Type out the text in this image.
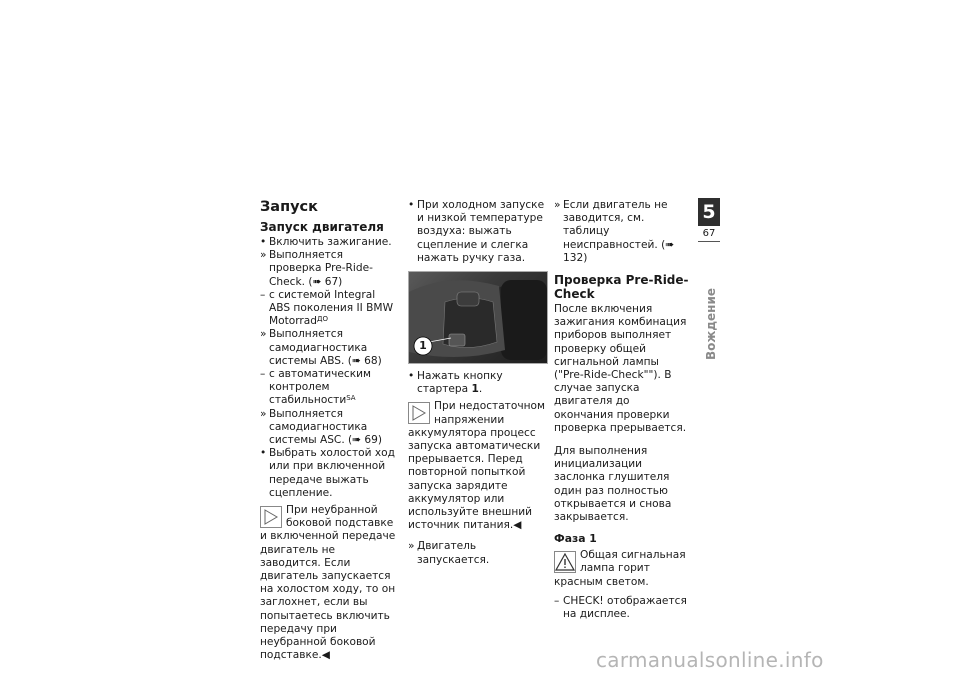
Запуск
Запуск двигателя

• Включить зажигание.

» Выполняется проверка Pre-Ride-Check. (➠ 67)

– с системой Integral ABS поколения II BMW Motorrad$^{ДО}$

» Выполняется самодиагностика системы ABS. (➠ 68)

– с автоматическим контролем стабильности$^{SA}$

» Выполняется самодиагностика системы ASC. (➠ 69)

• Выбрать холостой ход или при включенной передаче выжать сцепление.

При неубранной боковой подставке и включенной передаче двигатель не заводится. Если двигатель запускается на холостом ходу, то он заглохнет, если вы попытаетесь включить передачу при неубранной боковой подставке.◀

• При холодном запуске и низкой температуре воздуха: выжать сцепление и слегка нажать ручку газа.

1

• Нажать кнопку стартера 1.

При недостаточном напряжении аккумулятора процесс запуска автоматически прерывается. Перед повторной попыткой запуска зарядите аккумулятор или используйте внешний источник питания.◀

» Двигатель запускается.

» Если двигатель не заводится, см. таблицу неисправностей. (➠ 132)

Проверка Pre-Ride-Check

После включения зажигания комбинация приборов выполняет проверку общей сигнальной лампы ("Pre-Ride-Check""). В случае запуска двигателя до окончания проверки проверка прерывается.

Для выполнения инициализации заслонка глушителя один раз полностью открывается и снова закрывается.

Фаза 1

Общая сигнальная лампа горит красным светом.

– CHECK! отображается на дисплее.

5
67
Вождение
carmanualsonline.info
